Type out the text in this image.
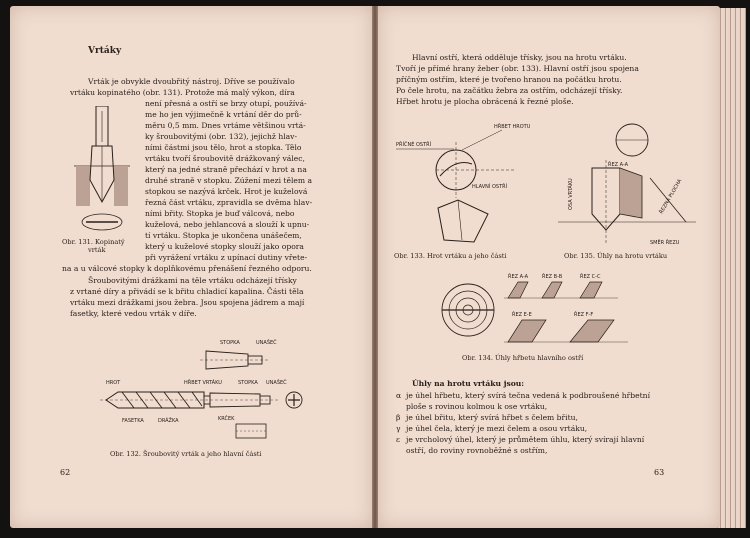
Vrtáky
Vrták je obvykle dvoubřitý nástroj. Dříve se používalo
vrtáku kopinatého (obr. 131). Protože má malý výkon, díra
není přesná a ostří se brzy otupí, používá-
me ho jen výjimečně k vrtání děr do prů-
měru 0,5 mm. Dnes vrtáme většinou vrtá-
ky šroubovitými (obr. 132), jejichž hlav-
ními částmi jsou tělo, hrot a stopka. Tělo
vrtáku tvoří šroubovitě drážkovaný válec,
který na jedné straně přechází v hrot a na
druhé straně v stopku. Zúžení mezi tělem a
stopkou se nazývá krček. Hrot je kuželová
řezná část vrtáku, zpravidla se dvěma hlav-
ními břity. Stopka je buď válcová, nebo
kuželová, nebo jehlancová a slouží k upnu-
tí vrtáku. Stopka je ukončena unášečem,
který u kuželové stopky slouží jako opora
při vyrážení vrtáku z upínací dutiny vřete-
na a u válcové stopky k doplňkovému přenášení řezného odporu.
Šroubovitými drážkami na těle vrtáku odcházejí třísky
z vrtané díry a přivádí se k břitu chladicí kapalina. Části těla
vrtáku mezi drážkami jsou žebra. Jsou spojena jádrem a mají
fasetky, které vedou vrták v díře.
Obr. 131. Kopinatý
vrták
STOPKA	UNAŠEČ
HROT	HŘBET VRTÁKU	STOPKA UNAŠEČ
FASETKA	DRÁŽKA	KRČEK
Obr. 132. Šroubovitý vrták a jeho hlavní části
62
Hlavní ostří, která odděluje třísky, jsou na hrotu vrtáku.
Tvoří je přímé hrany žeber (obr. 133). Hlavní ostří jsou spojena
příčným ostřím, které je tvořeno hranou na počátku hrotu.
Po čele hrotu, na začátku žebra za ostřím, odcházejí třísky.
Hřbet hrotu je plocha obrácená k řezné ploše.
HŘBET HROTU
PŘÍČNÉ OSTŘÍ
HLAVNÍ OSTŘÍ
Obr. 133. Hrot vrtáku a jeho části
ŘEZ A-A
OSA VRTÁKU	ŘEZNÁ PLOCHA
SMĚR ŘEZU
Obr. 135. Úhly na hrotu vrtáku
ŘEZ A-A	ŘEZ B-B	ŘEZ C-C
ŘEZ E-E	ŘEZ F-F
Obr. 134. Úhly hřbetu hlavního ostří
Úhly na hrotu vrtáku jsou:
α je úhel hřbetu, který svírá tečna vedená k podbroušené hřbetní
ploše s rovinou kolmou k ose vrtáku,
β je úhel břitu, který svírá hřbet s čelem břitu,
γ je úhel čela, který je mezi čelem a osou vrtáku,
ε je vrcholový úhel, který je průmětem úhlu, který svírají hlavní
ostří, do roviny rovnoběžné s ostřím,
63
